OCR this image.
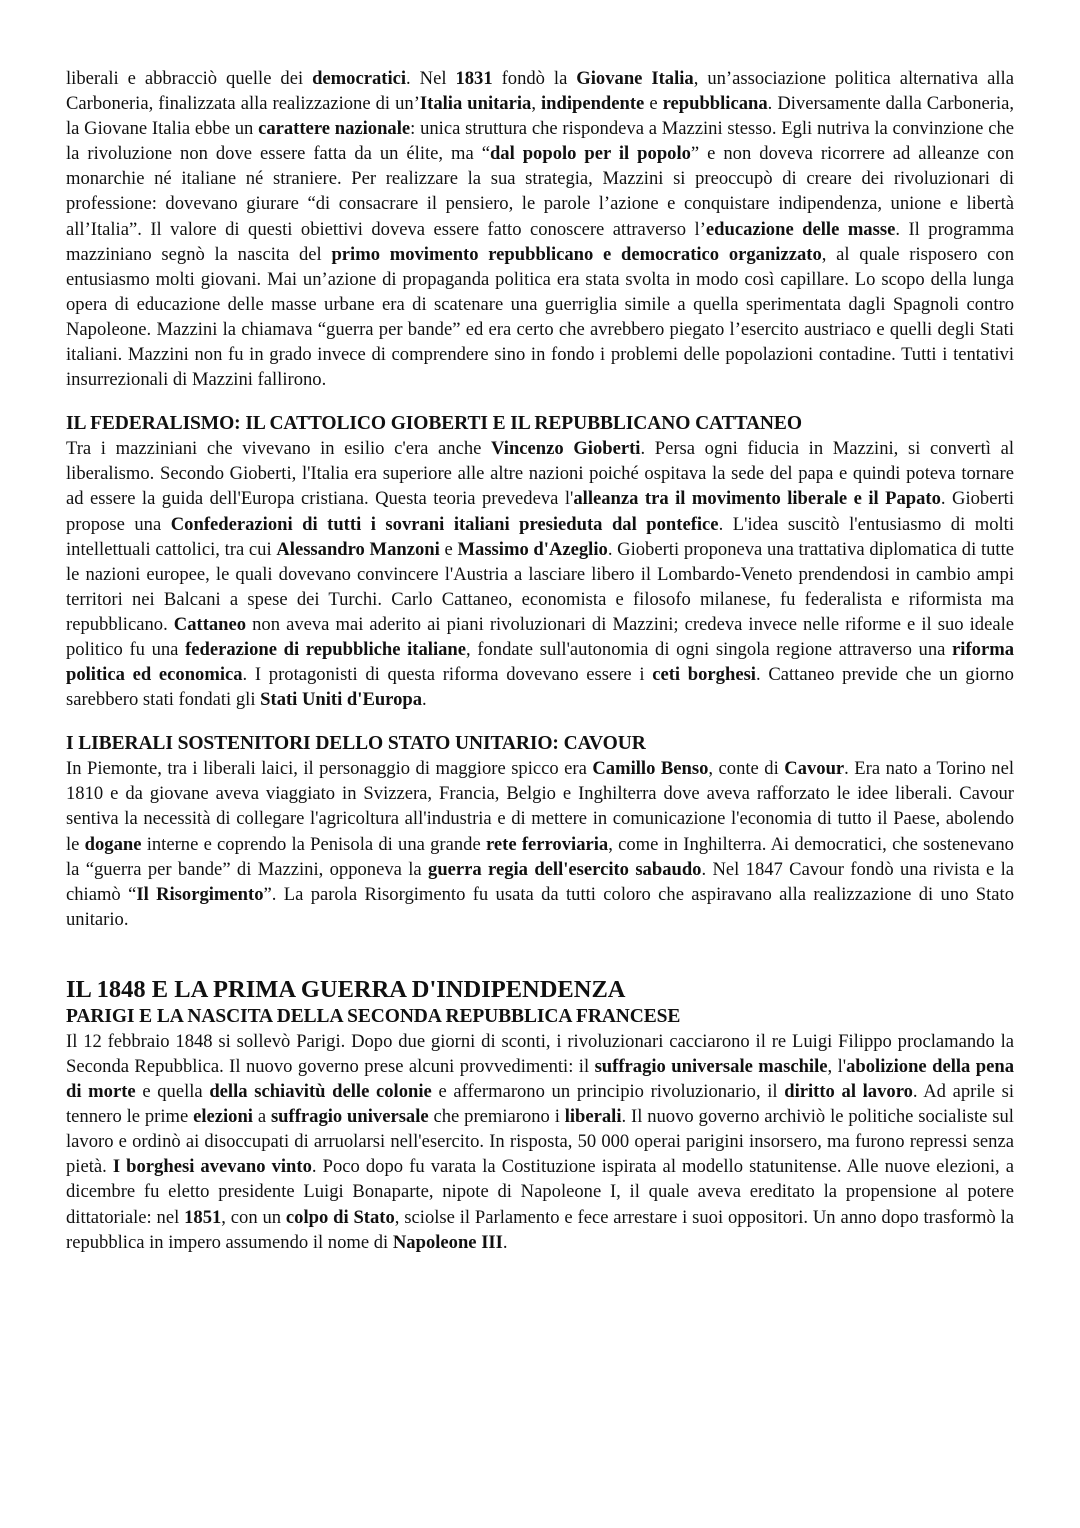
liberali e abbracciò quelle dei democratici. Nel 1831 fondò la Giovane Italia, un’associazione politica alternativa alla Carboneria, finalizzata alla realizzazione di un’Italia unitaria, indipendente e repubblicana. Diversamente dalla Carboneria, la Giovane Italia ebbe un carattere nazionale: unica struttura che rispondeva a Mazzini stesso. Egli nutriva la convinzione che la rivoluzione non dove essere fatta da un élite, ma “dal popolo per il popolo” e non doveva ricorrere ad alleanze con monarchie né italiane né straniere. Per realizzare la sua strategia, Mazzini si preoccupò di creare dei rivoluzionari di professione: dovevano giurare “di consacrare il pensiero, le parole l’azione e conquistare indipendenza, unione e libertà all’Italia”. Il valore di questi obiettivi doveva essere fatto conoscere attraverso l’educazione delle masse. Il programma mazziniano segnò la nascita del primo movimento repubblicano e democratico organizzato, al quale risposero con entusiasmo molti giovani. Mai un’azione di propaganda politica era stata svolta in modo così capillare. Lo scopo della lunga opera di educazione delle masse urbane era di scatenare una guerriglia simile a quella sperimentata dagli Spagnoli contro Napoleone. Mazzini la chiamava “guerra per bande” ed era certo che avrebbero piegato l’esercito austriaco e quelli degli Stati italiani. Mazzini non fu in grado invece di comprendere sino in fondo i problemi delle popolazioni contadine. Tutti i tentativi insurrezionali di Mazzini fallirono.

IL FEDERALISMO: IL CATTOLICO GIOBERTI E IL REPUBBLICANO CATTANEO

Tra i mazziniani che vivevano in esilio c'era anche Vincenzo Gioberti. Persa ogni fiducia in Mazzini, si convertì al liberalismo. Secondo Gioberti, l'Italia era superiore alle altre nazioni poiché ospitava la sede del papa e quindi poteva tornare ad essere la guida dell'Europa cristiana. Questa teoria prevedeva l'alleanza tra il movimento liberale e il Papato. Gioberti propose una Confederazioni di tutti i sovrani italiani presieduta dal pontefice. L'idea suscitò l'entusiasmo di molti intellettuali cattolici, tra cui Alessandro Manzoni e Massimo d'Azeglio. Gioberti proponeva una trattativa diplomatica di tutte le nazioni europee, le quali dovevano convincere l'Austria a lasciare libero il Lombardo-Veneto prendendosi in cambio ampi territori nei Balcani a spese dei Turchi. Carlo Cattaneo, economista e filosofo milanese, fu federalista e riformista ma repubblicano. Cattaneo non aveva mai aderito ai piani rivoluzionari di Mazzini; credeva invece nelle riforme e il suo ideale politico fu una federazione di repubbliche italiane, fondate sull'autonomia di ogni singola regione attraverso una riforma politica ed economica. I protagonisti di questa riforma dovevano essere i ceti borghesi. Cattaneo previde che un giorno sarebbero stati fondati gli Stati Uniti d'Europa.

I LIBERALI SOSTENITORI DELLO STATO UNITARIO: CAVOUR

In Piemonte, tra i liberali laici, il personaggio di maggiore spicco era Camillo Benso, conte di Cavour. Era nato a Torino nel 1810 e da giovane aveva viaggiato in Svizzera, Francia, Belgio e Inghilterra dove aveva rafforzato le idee liberali. Cavour sentiva la necessità di collegare l'agricoltura all'industria e di mettere in comunicazione l'economia di tutto il Paese, abolendo le dogane interne e coprendo la Penisola di una grande rete ferroviaria, come in Inghilterra. Ai democratici, che sostenevano la “guerra per bande” di Mazzini, opponeva la guerra regia dell'esercito sabaudo. Nel 1847 Cavour fondò una rivista e la chiamò “Il Risorgimento”. La parola Risorgimento fu usata da tutti coloro che aspiravano alla realizzazione di uno Stato unitario.

IL 1848 E LA PRIMA GUERRA D'INDIPENDENZA
PARIGI E LA NASCITA DELLA SECONDA REPUBBLICA FRANCESE

Il 12 febbraio 1848 si sollevò Parigi. Dopo due giorni di sconti, i rivoluzionari cacciarono il re Luigi Filippo proclamando la Seconda Repubblica. Il nuovo governo prese alcuni provvedimenti: il suffragio universale maschile, l'abolizione della pena di morte e quella della schiavitù delle colonie e affermarono un principio rivoluzionario, il diritto al lavoro. Ad aprile si tennero le prime elezioni a suffragio universale che premiarono i liberali. Il nuovo governo archiviò le politiche socialiste sul lavoro e ordinò ai disoccupati di arruolarsi nell'esercito. In risposta, 50 000 operai parigini insorsero, ma furono repressi senza pietà. I borghesi avevano vinto. Poco dopo fu varata la Costituzione ispirata al modello statunitense. Alle nuove elezioni, a dicembre fu eletto presidente Luigi Bonaparte, nipote di Napoleone I, il quale aveva ereditato la propensione al potere dittatoriale: nel 1851, con un colpo di Stato, sciolse il Parlamento e fece arrestare i suoi oppositori. Un anno dopo trasformò la repubblica in impero assumendo il nome di Napoleone III.
